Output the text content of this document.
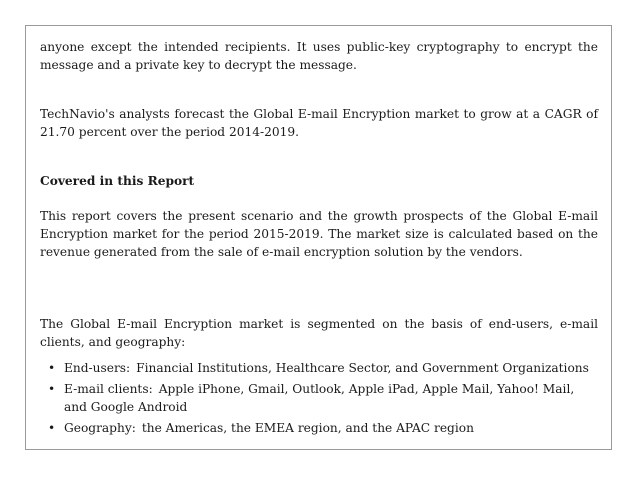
anyone except the intended recipients. It uses public-key cryptography to encrypt the message and a private key to decrypt the message.

TechNavio's analysts forecast the Global E-mail Encryption market to grow at a CAGR of 21.70 percent over the period 2014-2019.

Covered in this Report

This report covers the present scenario and the growth prospects of the Global E-mail Encryption market for the period 2015-2019. The market size is calculated based on the revenue generated from the sale of e-mail encryption solution by the vendors.

The Global E-mail Encryption market is segmented on the basis of end-users, e-mail clients, and geography:

• End-users: Financial Institutions, Healthcare Sector, and Government Organizations
• E-mail clients: Apple iPhone, Gmail, Outlook, Apple iPad, Apple Mail, Yahoo! Mail, and Google Android
• Geography: the Americas, the EMEA region, and the APAC region
